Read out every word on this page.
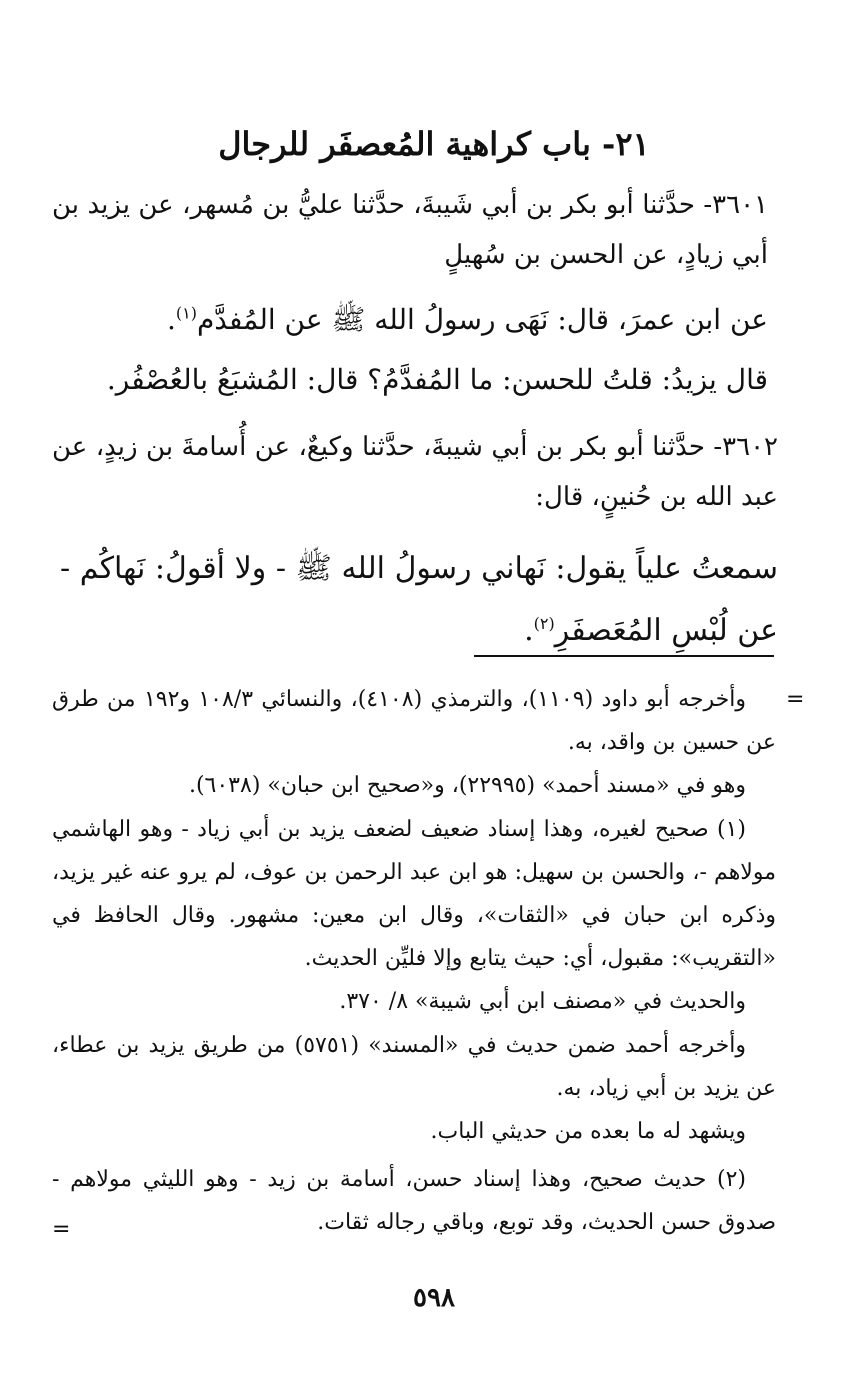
٢١- باب كراهية المُعصفَر للرجال
٣٦٠١- حدَّثنا أبو بكر بن أبي شَيبةَ، حدَّثنا عليُّ بن مُسهر، عن يزيد بن أبي زيادٍ، عن الحسن بن سُهيلٍ
عن ابن عمرَ، قال: نَهَى رسولُ الله ﷺ عن المُفدَّم$^{(١)}$.
قال يزيدُ: قلتُ للحسن: ما المُفدَّمُ؟ قال: المُشبَعُ بالعُصْفُر.
٣٦٠٢- حدَّثنا أبو بكر بن أبي شيبةَ، حدَّثنا وكيعٌ، عن أُسامةَ بن زيدٍ، عن عبد الله بن حُنينٍ، قال:
سمعتُ علياً يقول: نَهاني رسولُ الله ﷺ - ولا أقولُ: نَهاكُم - عن لُبْسِ المُعَصفَرِ$^{(٢)}$.
=
وأخرجه أبو داود (١١٠٩)، والترمذي (٤١٠٨)، والنسائي ١٠٨/٣ و١٩٢ من طرق عن حسين بن واقد، به.
وهو في «مسند أحمد» (٢٢٩٩٥)، و«صحيح ابن حبان» (٦٠٣٨).
(١) صحيح لغيره، وهذا إسناد ضعيف لضعف يزيد بن أبي زياد - وهو الهاشمي مولاهم -، والحسن بن سهيل: هو ابن عبد الرحمن بن عوف، لم يرو عنه غير يزيد، وذكره ابن حبان في «الثقات»، وقال ابن معين: مشهور. وقال الحافظ في «التقريب»: مقبول، أي: حيث يتابع وإلا فليِّن الحديث.
والحديث في «مصنف ابن أبي شيبة» ٨/ ٣٧٠.
وأخرجه أحمد ضمن حديث في «المسند» (٥٧٥١) من طريق يزيد بن عطاء، عن يزيد بن أبي زياد، به.
ويشهد له ما بعده من حديثي الباب.
(٢) حديث صحيح، وهذا إسناد حسن، أسامة بن زيد - وهو الليثي مولاهم - صدوق حسن الحديث، وقد توبع، وباقي رجاله ثقات.
=
٥٩٨
